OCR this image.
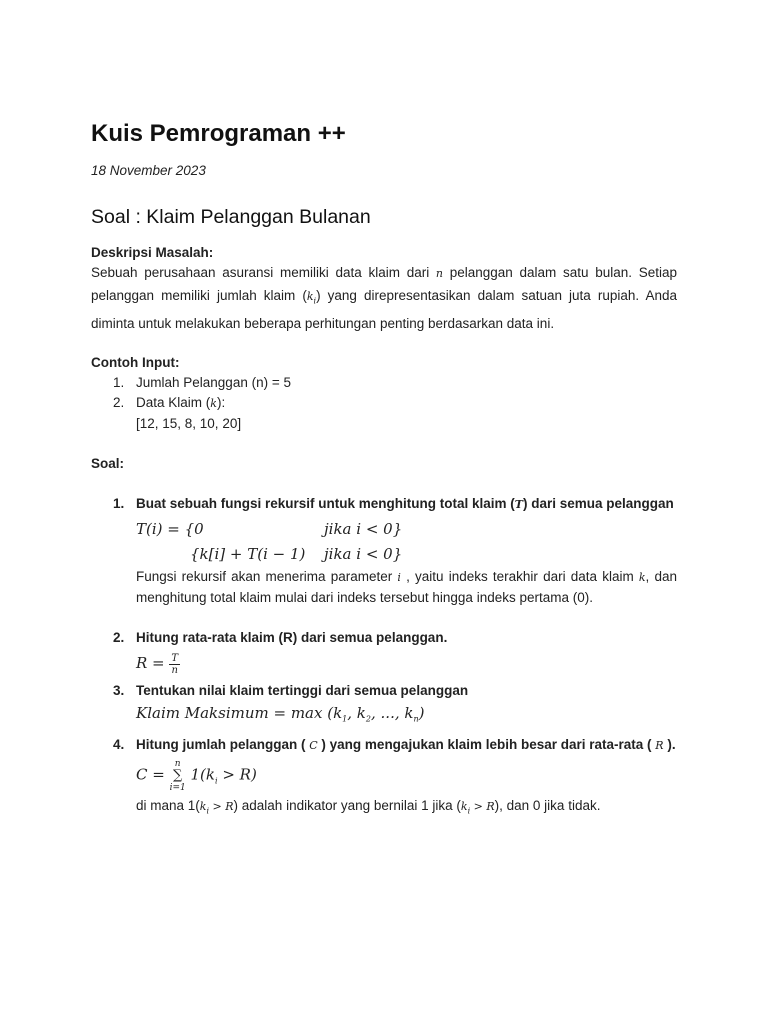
Kuis Pemrograman ++
18 November 2023
Soal : Klaim Pelanggan Bulanan
Deskripsi Masalah:
Sebuah perusahaan asuransi memiliki data klaim dari n pelanggan dalam satu bulan. Setiap pelanggan memiliki jumlah klaim $(k_i)$ yang direpresentasikan dalam satuan juta rupiah. Anda diminta untuk melakukan beberapa perhitungan penting berdasarkan data ini.
Contoh Input:
1. Jumlah Pelanggan (n) = 5
2. Data Klaim (k):
[12, 15, 8, 10, 20]
Soal:
1. Buat sebuah fungsi rekursif untuk menghitung total klaim (T) dari semua pelanggan
T(i) = {0	jika i < 0}
{k[i] + T(i − 1) jika i < 0}
Fungsi rekursif akan menerima parameter i , yaitu indeks terakhir dari data klaim k, dan menghitung total klaim mulai dari indeks tersebut hingga indeks pertama (0).
2. Hitung rata-rata klaim (R) dari semua pelanggan.
$R = \frac{T}{n}$
3. Tentukan nilai klaim tertinggi dari semua pelanggan
Klaim Maksimum = $\max (k_1$, $k_2$, ..., $k_n$)
4. Hitung jumlah pelanggan ( C ) yang mengajukan klaim lebih besar dari rata-rata ( R ).
C =
n
∑
i=1
$1(k_i > R)$
di mana $1(k_i > R)$ adalah indikator yang bernilai 1 jika $(k_i > R)$, dan 0 jika tidak.
